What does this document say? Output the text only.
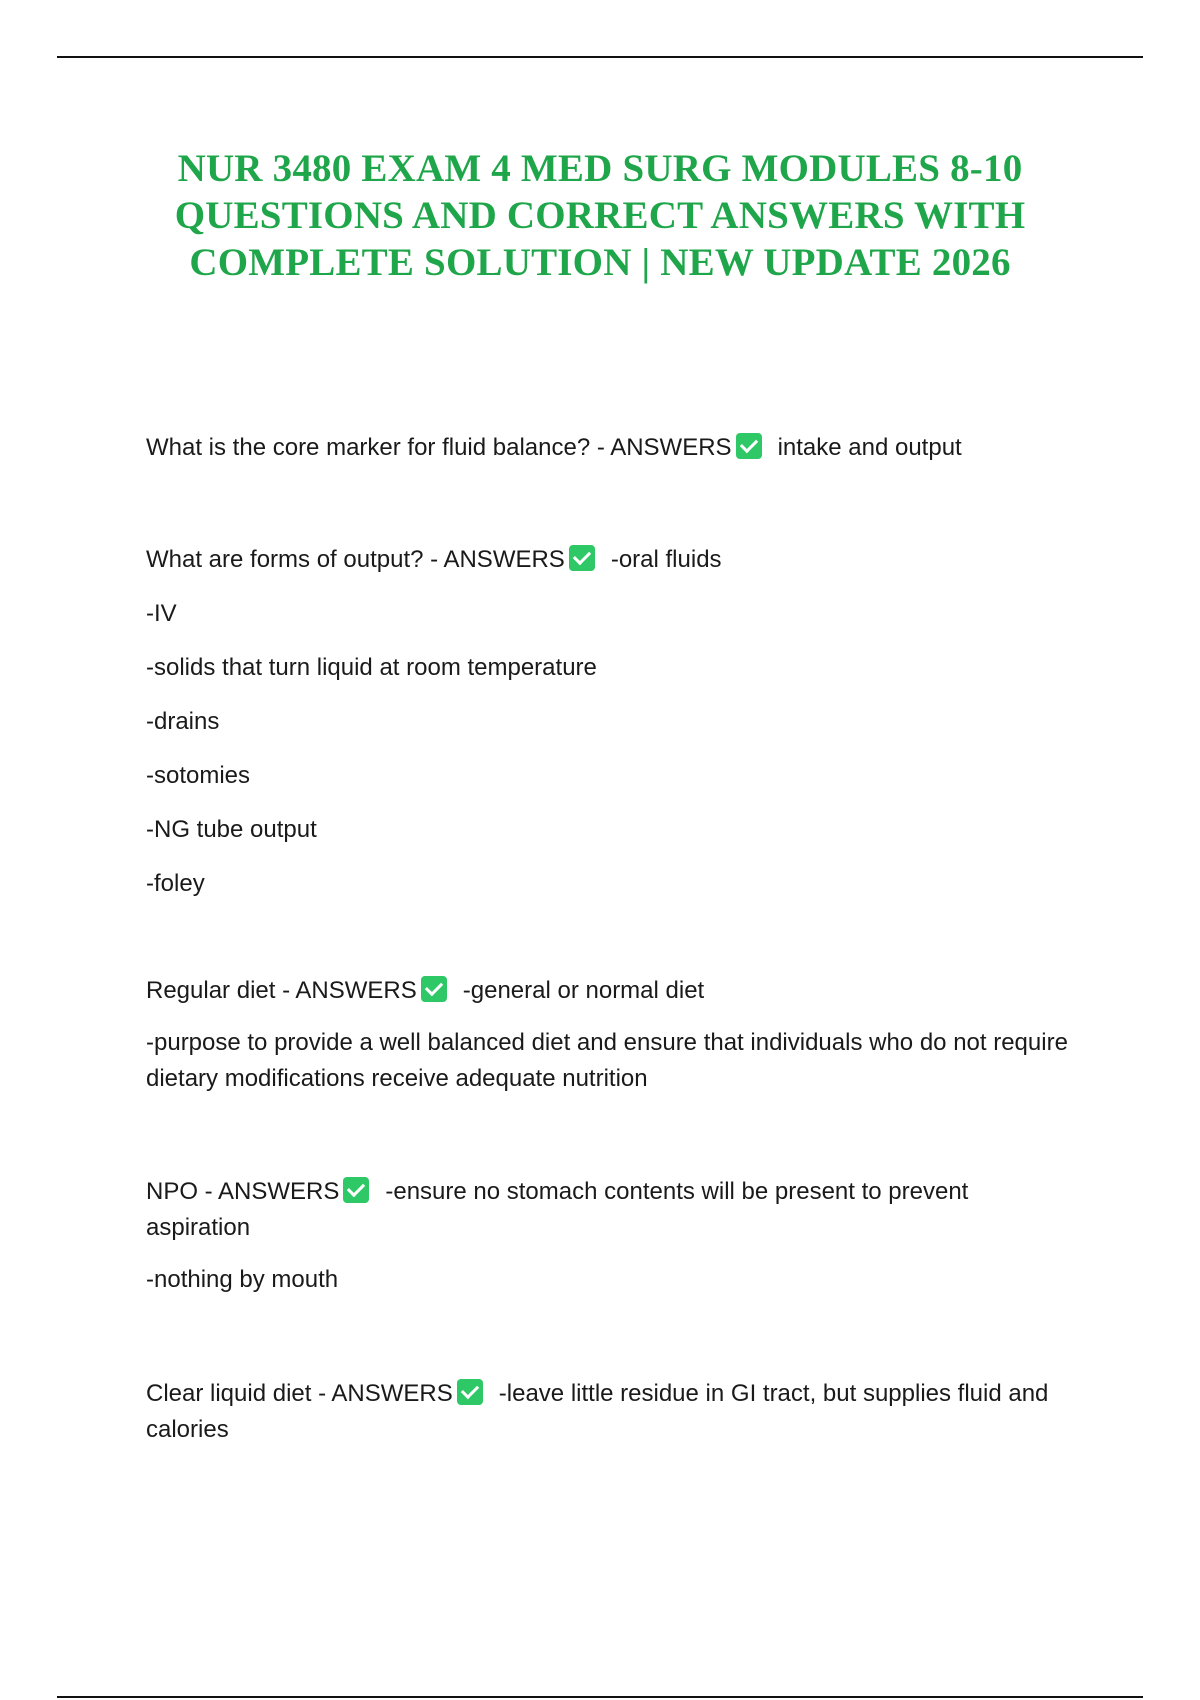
NUR 3480 EXAM 4 MED SURG MODULES 8-10
QUESTIONS AND CORRECT ANSWERS WITH
COMPLETE SOLUTION | NEW UPDATE 2026
What is the core marker for fluid balance? - ANSWERS intake and output
What are forms of output? - ANSWERS -oral fluids
-IV
-solids that turn liquid at room temperature
-drains
-sotomies
-NG tube output
-foley
Regular diet - ANSWERS -general or normal diet
-purpose to provide a well balanced diet and ensure that individuals who do not require dietary modifications receive adequate nutrition
NPO - ANSWERS -ensure no stomach contents will be present to prevent aspiration
-nothing by mouth
Clear liquid diet - ANSWERS -leave little residue in GI tract, but supplies fluid and calories
